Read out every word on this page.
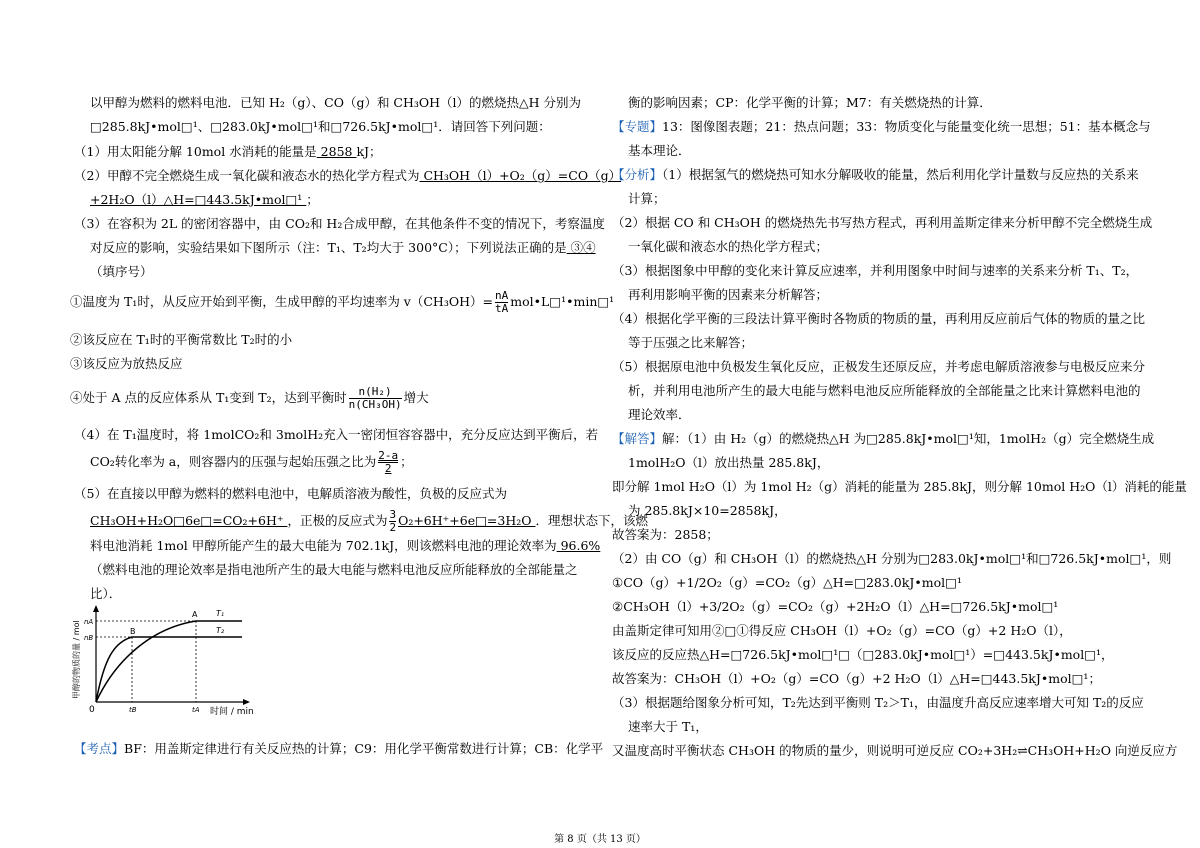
以甲醇为燃料的燃料电池．已知 H₂（g）、CO（g）和 CH₃OH（l）的燃烧热△H 分别为
□285.8kJ•mol□¹、□283.0kJ•mol□¹和□726.5kJ•mol□¹．请回答下列问题：
（1）用太阳能分解 10mol 水消耗的能量是 2858 kJ；
（2）甲醇不完全燃烧生成一氧化碳和液态水的热化学方程式为 CH₃OH（l）+O₂（g）=CO（g）
+2H₂O（l）△H=□443.5kJ•mol□¹ ；
（3）在容积为 2L 的密闭容器中，由 CO₂和 H₂合成甲醇，在其他条件不变的情况下，考察温度
对反应的影响，实验结果如下图所示（注：T₁、T₂均大于 300°C）；下列说法正确的是 ③④
（填序号）
①温度为 T₁时，从反应开始到平衡，生成甲醇的平均速率为 $v(CH_3OH)= \frac{nA}{tA}$ mol•L□¹•min□¹
②该反应在 T₁时的平衡常数比 T₂时的小
③该反应为放热反应
④处于 A 点的反应体系从 T₁变到 T₂，达到平衡时 $\frac{\text{n(H₂)}}{\text{n(CH₃OH)}}$ 增大
（4）在 T₁温度时，将 1molCO₂和 3molH₂充入一密闭恒容容器中，充分反应达到平衡后，若
CO₂转化率为 a，则容器内的压强与起始压强之比为 $\frac{2-a}{2}$ ；
（5）在直接以甲醇为燃料的燃料电池中，电解质溶液为酸性，负极的反应式为
CH₃OH+H₂O□6e□=CO₂+6H⁺ ，正极的反应式为 $\frac{3}{2}$ O₂+6H⁺+6e□=3H₂O ．理想状态下，该燃
料电池消耗 1mol 甲醇所能产生的最大电能为 702.1kJ，则该燃料电池的理论效率为 96.6%
（燃料电池的理论效率是指电池所产生的最大电能与燃料电池反应所能释放的全部能量之
比）．
【考点】BF：用盖斯定律进行有关反应热的计算；C9：用化学平衡常数进行计算；CB：化学平
甲醇的物质的量 / mol
时间 / min
0
nA
nB
tB	tA
A
B
T₁
T₂
衡的影响因素；CP：化学平衡的计算；M7：有关燃烧热的计算．
【专题】13：图像图表题；21：热点问题；33：物质变化与能量变化统一思想；51：基本概念与
基本理论．
【分析】（1）根据氢气的燃烧热可知水分解吸收的能量，然后利用化学计量数与反应热的关系来
计算；
（2）根据 CO 和 CH₃OH 的燃烧热先书写热方程式，再利用盖斯定律来分析甲醇不完全燃烧生成
一氧化碳和液态水的热化学方程式；
（3）根据图象中甲醇的变化来计算反应速率，并利用图象中时间与速率的关系来分析 T₁、T₂，
再利用影响平衡的因素来分析解答；
（4）根据化学平衡的三段法计算平衡时各物质的物质的量，再利用反应前后气体的物质的量之比
等于压强之比来解答；
（5）根据原电池中负极发生氧化反应，正极发生还原反应，并考虑电解质溶液参与电极反应来分
析，并利用电池所产生的最大电能与燃料电池反应所能释放的全部能量之比来计算燃料电池的
理论效率．
【解答】解：（1）由 H₂（g）的燃烧热△H 为□285.8kJ•mol□¹知，1molH₂（g）完全燃烧生成
1molH₂O（l）放出热量 285.8kJ，
即分解 1mol H₂O（l）为 1mol H₂（g）消耗的能量为 285.8kJ，则分解 10mol H₂O（l）消耗的能量
为 285.8kJ×10=2858kJ，
故答案为：2858；
（2）由 CO（g）和 CH₃OH（l）的燃烧热△H 分别为□283.0kJ•mol□¹和□726.5kJ•mol□¹，则
①CO（g）+1/2O₂（g）=CO₂（g）△H=□283.0kJ•mol□¹
②CH₃OH（l）+3/2O₂（g）=CO₂（g）+2H₂O（l）△H=□726.5kJ•mol□¹
由盖斯定律可知用②□①得反应 CH₃OH（l）+O₂（g）=CO（g）+2 H₂O（l），
该反应的反应热△H=□726.5kJ•mol□¹□（□283.0kJ•mol□¹）=□443.5kJ•mol□¹，
故答案为：CH₃OH（l）+O₂（g）=CO（g）+2 H₂O（l）△H=□443.5kJ•mol□¹；
（3）根据题给图象分析可知，T₂先达到平衡则 T₂＞T₁，由温度升高反应速率增大可知 T₂的反应
速率大于 T₁，
又温度高时平衡状态 CH₃OH 的物质的量少，则说明可逆反应 CO₂+3H₂⇌CH₃OH+H₂O 向逆反应方
第 8 页（共 13 页）
